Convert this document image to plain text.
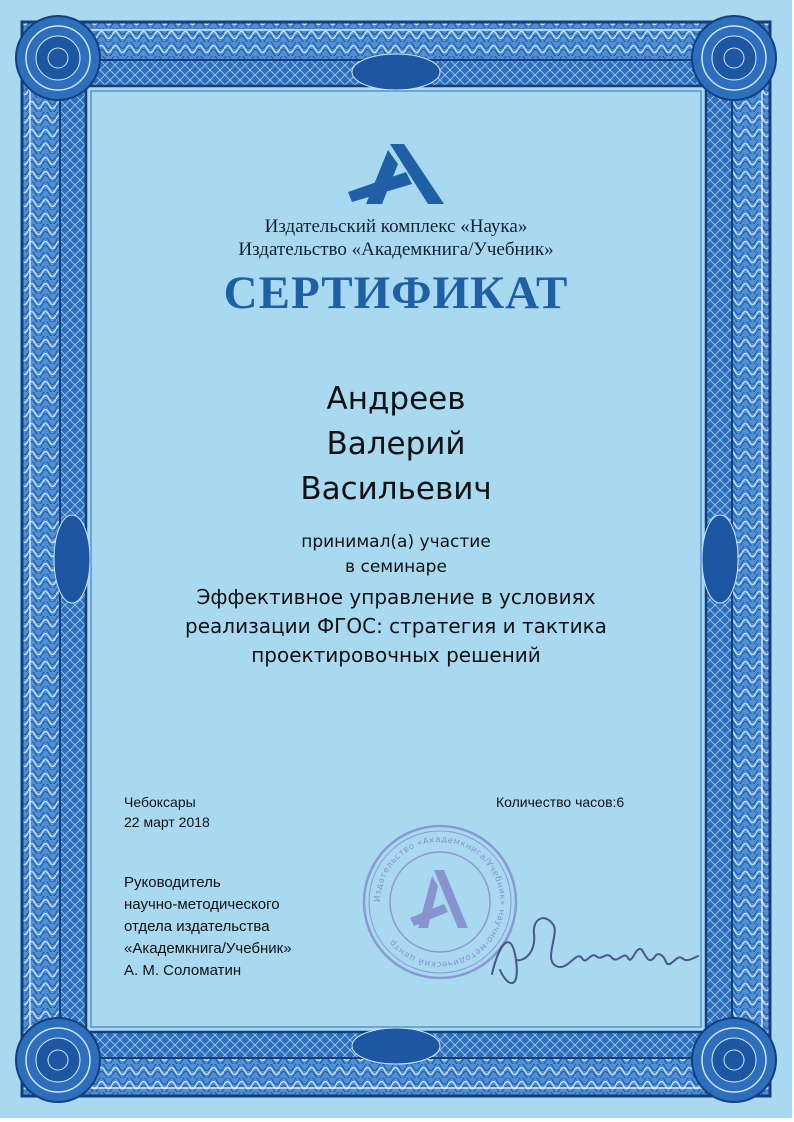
Издательский комплекс «Наука»
Издательство «Академкнига/Учебник»
СЕРТИФИКАТ
Андреев
Валерий
Васильевич
принимал(а) участие
в семинаре
Эффективное управление в условиях
реализации ФГОС: стратегия и тактика
проектировочных решений
Чебоксары
22 март 2018
Количество часов:6
Издательство «Академкнига/Учебник» научно-методический центр
Руководитель
научно-методического
отдела издательства
«Академкнига/Учебник»
А. М. Соломатин
